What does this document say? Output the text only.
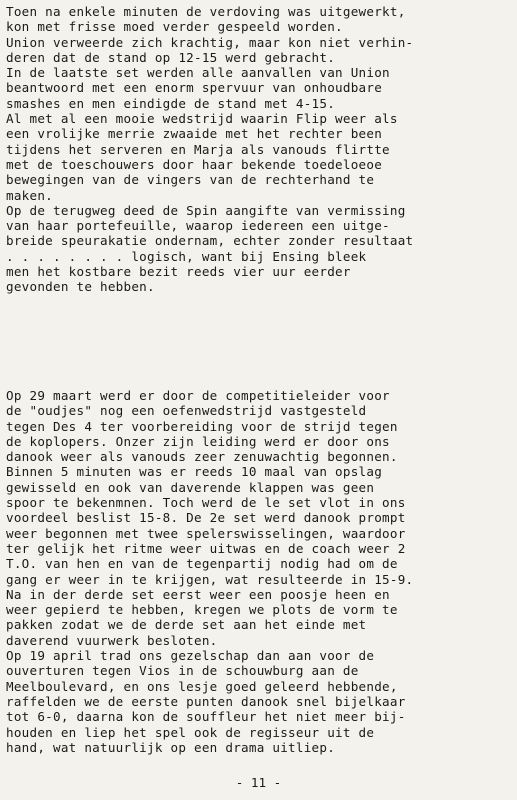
Toen na enkele minuten de verdoving was uitgewerkt,
kon met frisse moed verder gespeeld worden.
Union verweerde zich krachtig, maar kon niet verhin-
deren dat de stand op 12-15 werd gebracht.
In de laatste set werden alle aanvallen van Union
beantwoord met een enorm spervuur van onhoudbare
smashes en men eindigde de stand met 4-15.
Al met al een mooie wedstrijd waarin Flip weer als
een vrolijke merrie zwaaide met het rechter been
tijdens het serveren en Marja als vanouds flirtte
met de toeschouwers door haar bekende toedeloeoe
bewegingen van de vingers van de rechterhand te
maken.
Op de terugweg deed de Spin aangifte van vermissing
van haar portefeuille, waarop iedereen een uitge-
breide speurakatie ondernam, echter zonder resultaat
. . . . . . . . logisch, want bij Ensing bleek
men het kostbare bezit reeds vier uur eerder
gevonden te hebben.
Op 29 maart werd er door de competitieleider voor
de "oudjes" nog een oefenwedstrijd vastgesteld
tegen Des 4 ter voorbereiding voor de strijd tegen
de koplopers. Onzer zijn leiding werd er door ons
danook weer als vanouds zeer zenuwachtig begonnen.
Binnen 5 minuten was er reeds 10 maal van opslag
gewisseld en ook van daverende klappen was geen
spoor te bekenmnen. Toch werd de le set vlot in ons
voordeel beslist 15-8. De 2e set werd danook prompt
weer begonnen met twee spelerswisselingen, waardoor
ter gelijk het ritme weer uitwas en de coach weer 2
T.O. van hen en van de tegenpartij nodig had om de
gang er weer in te krijgen, wat resulteerde in 15-9.
Na in der derde set eerst weer een poosje heen en
weer gepierd te hebben, kregen we plots de vorm te
pakken zodat we de derde set aan het einde met
daverend vuurwerk besloten.
Op 19 april trad ons gezelschap dan aan voor de
ouverturen tegen Vios in de schouwburg aan de
Meelboulevard, en ons lesje goed geleerd hebbende,
raffelden we de eerste punten danook snel bijelkaar
tot 6-0, daarna kon de souffleur het niet meer bij-
houden en liep het spel ook de regisseur uit de
hand, wat natuurlijk op een drama uitliep.
- 11 -
